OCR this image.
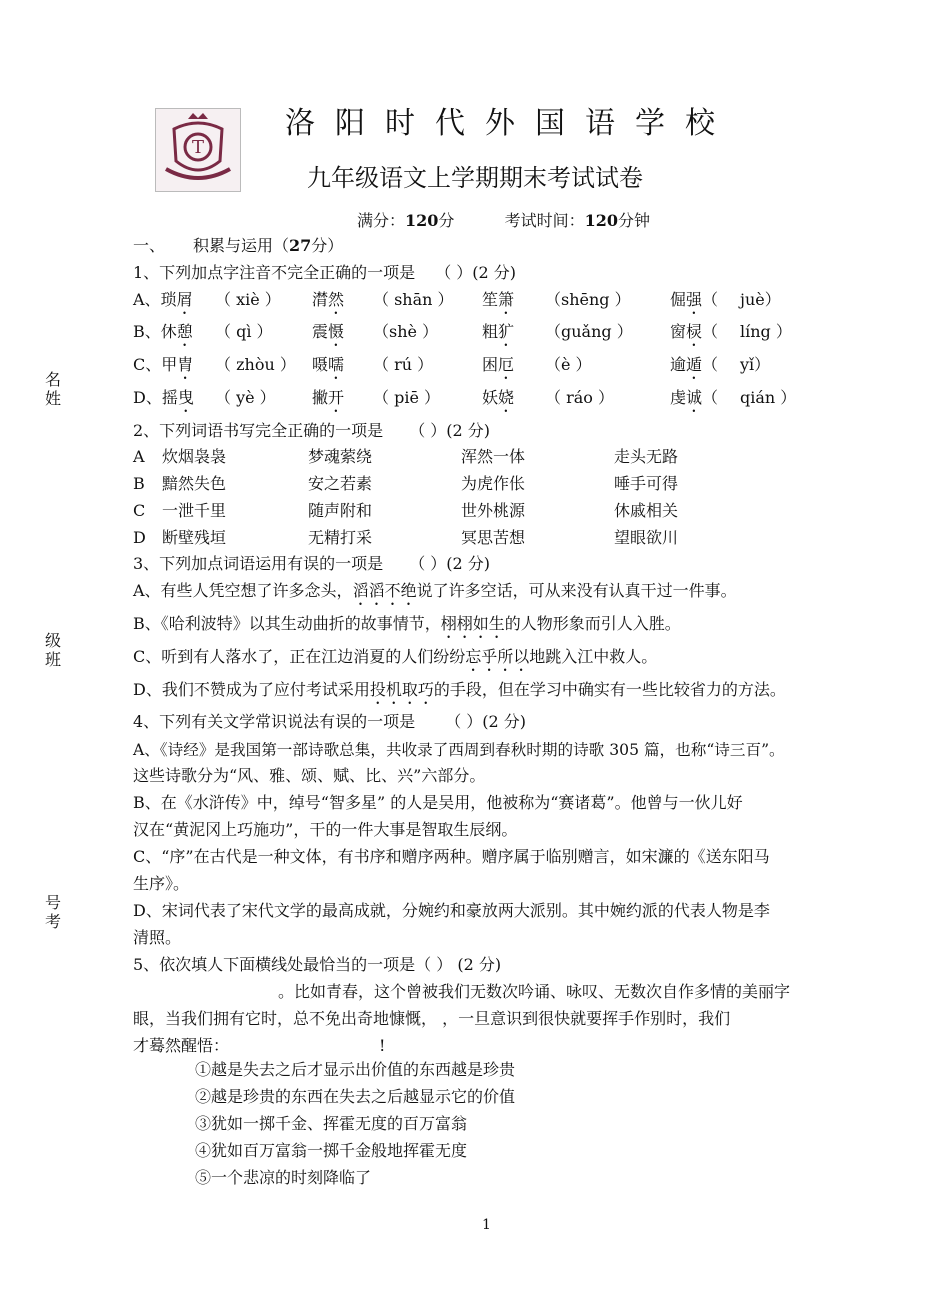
T
洛阳时代外国语学校
九年级语文上学期期末考试试卷
满分：120分	考试时间：120分钟
名姓
级班
号考
一、 积累与运用（27分）
1、下列加点字注音不完全正确的一项是 （ ）(2 分)
A、琐屑 （ xiè ） 潸然 （ shān ） 笙箫 （shēng ） 倔强（ juè）
B、休憩 （ qì ） 震慑 （shè ）	粗犷 （guǎng ） 窗棂（ líng ）
C、甲胄 （ zhòu ） 嗫嚅 （ rú ）	困厄 （è ）	逾遁（ yǐ）
D、摇曳 （ yè ） 撇开 （ piē ）	妖娆 （ ráo ）	虔诚（ qián ）
2、下列词语书写完全正确的一项是 （ ）(2 分)
A 炊烟袅袅	梦魂萦绕	浑然一体	走头无路
B 黯然失色	安之若素	为虎作伥	唾手可得
C 一泄千里	随声附和	世外桃源	休戚相关
D 断壁残垣	无精打采	冥思苦想	望眼欲川
3、下列加点词语运用有误的一项是 （ ）(2 分)
A、有些人凭空想了许多念头，滔滔不绝说了许多空话，可从来没有认真干过一件事。
B、《哈利波特》以其生动曲折的故事情节，栩栩如生的人物形象而引人入胜。
C、听到有人落水了，正在江边消夏的人们纷纷忘乎所以地跳入江中救人。
D、我们不赞成为了应付考试采用投机取巧的手段，但在学习中确实有一些比较省力的方法。
4、下列有关文学常识说法有误的一项是 （ ）(2 分)
A、《诗经》是我国第一部诗歌总集，共收录了西周到春秋时期的诗歌 305 篇，也称“诗三百”。
这些诗歌分为“风、雅、颂、赋、比、兴”六部分。
B、在《水浒传》中，绰号“智多星” 的人是吴用，他被称为“赛诸葛”。他曾与一伙儿好
汉在“黄泥冈上巧施功”，干的一件大事是智取生辰纲。
C、“序”在古代是一种文体，有书序和赠序两种。赠序属于临别赠言，如宋濂的《送东阳马
生序》。
D、宋词代表了宋代文学的最高成就，分婉约和豪放两大派别。其中婉约派的代表人物是李
清照。
5、依次填人下面横线处最恰当的一项是（ ） (2 分)
。比如青春，这个曾被我们无数次吟诵、咏叹、无数次自作多情的美丽字
眼，当我们拥有它时，总不免出奇地慷慨， ，一旦意识到很快就要挥手作别时，我们
才蓦然醒悟：	!
①越是失去之后才显示出价值的东西越是珍贵
②越是珍贵的东西在失去之后越显示它的价值
③犹如一掷千金、挥霍无度的百万富翁
④犹如百万富翁一掷千金般地挥霍无度
⑤一个悲凉的时刻降临了
1
